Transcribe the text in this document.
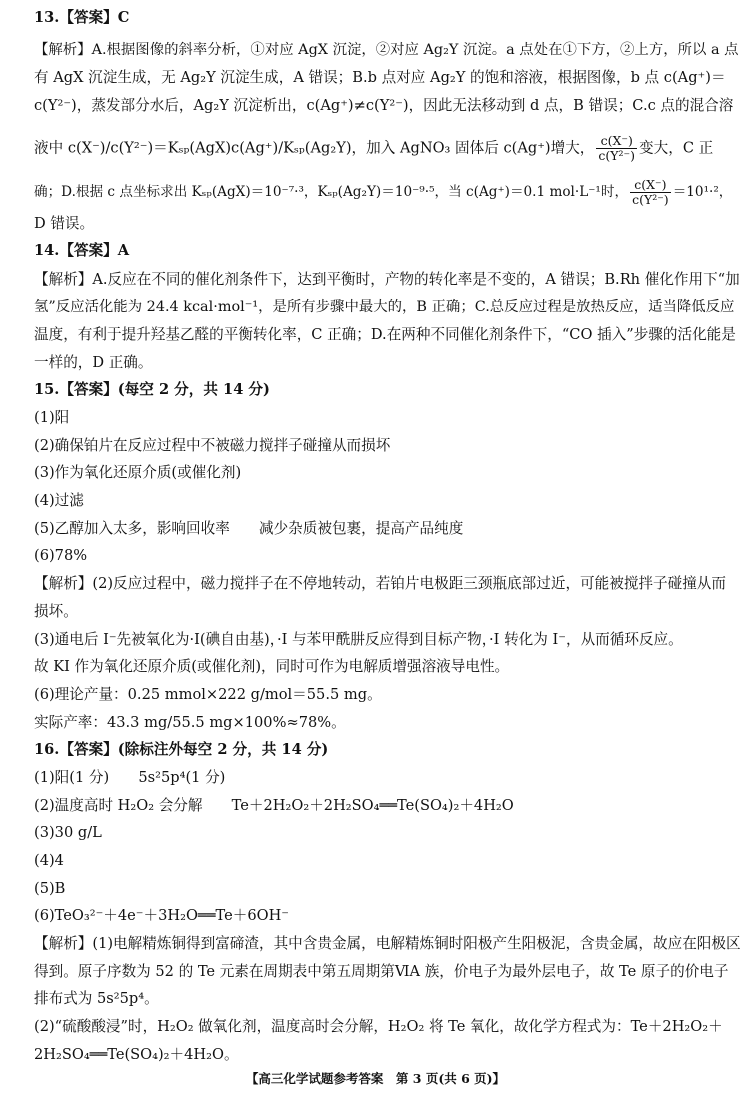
13.【答案】C
【解析】A.根据图像的斜率分析，①对应 AgX 沉淀，②对应 Ag₂Y 沉淀。a 点处在①下方，②上方，所以 a 点
有 AgX 沉淀生成，无 Ag₂Y 沉淀生成，A 错误；B.b 点对应 Ag₂Y 的饱和溶液，根据图像，b 点 c(Ag⁺)＝
c(Y²⁻)，蒸发部分水后，Ag₂Y 沉淀析出，c(Ag⁺)≠c(Y²⁻)，因此无法移动到 d 点，B 错误；C.c 点的混合溶
液中 c(X⁻)/c(Y²⁻)＝Kₛₚ(AgX)c(Ag⁺)/Kₛₚ(Ag₂Y)，加入 AgNO₃ 固体后 c(Ag⁺)增大， $\frac{c(X^-)}{\text{c(Y²⁻)}}$ 变大，C 正
确；D.根据 c 点坐标求出 Kₛₚ(AgX)＝10⁻⁷·³，Kₛₚ(Ag₂Y)＝10⁻⁹·⁵，当 c(Ag⁺)＝0.1 mol·L⁻¹时， $\frac{c(X^-)}{\text{c(Y²⁻)}} =10^1\cdot^2$，
D 错误。
14.【答案】A
【解析】A.反应在不同的催化剂条件下，达到平衡时，产物的转化率是不变的，A 错误；B.Rh 催化作用下“加
氢”反应活化能为 24.4 kcal·mol⁻¹，是所有步骤中最大的，B 正确；C.总反应过程是放热反应，适当降低反应
温度，有利于提升羟基乙醛的平衡转化率，C 正确；D.在两种不同催化剂条件下，“CO 插入”步骤的活化能是
一样的，D 正确。
15.【答案】(每空 2 分，共 14 分)
(1)阳
(2)确保铂片在反应过程中不被磁力搅拌子碰撞从而损坏
(3)作为氧化还原介质(或催化剂)
(4)过滤
(5)乙醇加入太多，影响回收率　　减少杂质被包裹，提高产品纯度
(6)78%
【解析】(2)反应过程中，磁力搅拌子在不停地转动，若铂片电极距三颈瓶底部过近，可能被搅拌子碰撞从而
损坏。
(3)通电后 I⁻先被氧化为·I(碘自由基)，·I 与苯甲酰肼反应得到目标产物，·I 转化为 I⁻，从而循环反应。
故 KI 作为氧化还原介质(或催化剂)，同时可作为电解质增强溶液导电性。
(6)理论产量：0.25 mmol×222 g/mol＝55.5 mg。
实际产率：43.3 mg/55.5 mg×100%≈78%。
16.【答案】(除标注外每空 2 分，共 14 分)
(1)阳(1 分)　　5s²5p⁴(1 分)
(2)温度高时 H₂O₂ 会分解　　Te＋2H₂O₂＋2H₂SO₄══Te(SO₄)₂＋4H₂O
(3)30 g/L
(4)4
(5)B
(6)TeO₃²⁻＋4e⁻＋3H₂O══Te＋6OH⁻
【解析】(1)电解精炼铜得到富碲渣，其中含贵金属，电解精炼铜时阳极产生阳极泥，含贵金属，故应在阳极区
得到。原子序数为 52 的 Te 元素在周期表中第五周期第ⅥA 族，价电子为最外层电子，故 Te 原子的价电子
排布式为 5s²5p⁴。
(2)“硫酸酸浸”时，H₂O₂ 做氧化剂，温度高时会分解，H₂O₂ 将 Te 氧化，故化学方程式为：Te＋2H₂O₂＋
2H₂SO₄══Te(SO₄)₂＋4H₂O。
【高三化学试题参考答案　第 3 页(共 6 页)】
